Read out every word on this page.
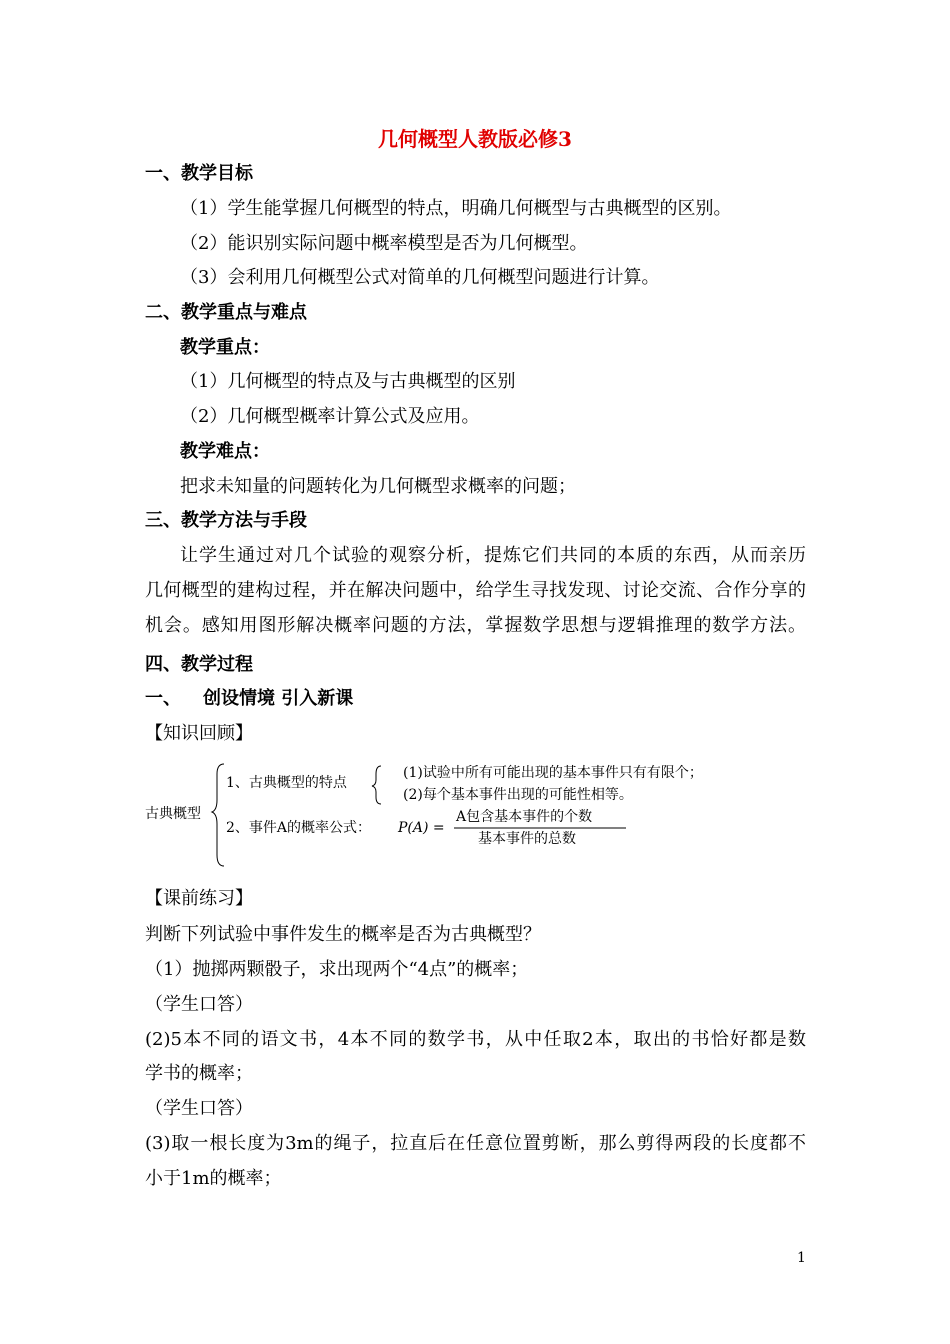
几何概型人教版必修3
一、教学目标
（1）学生能掌握几何概型的特点，明确几何概型与古典概型的区别。
（2）能识别实际问题中概率模型是否为几何概型。
（3）会利用几何概型公式对简单的几何概型问题进行计算。
二、教学重点与难点
教学重点：
（1）几何概型的特点及与古典概型的区别
（2）几何概型概率计算公式及应用。
教学难点：
把求未知量的问题转化为几何概型求概率的问题；
三、教学方法与手段
让学生通过对几个试验的观察分析，提炼它们共同的本质的东西，从而亲历
几何概型的建构过程，并在解决问题中，给学生寻找发现、讨论交流、合作分享的
机会。感知用图形解决概率问题的方法，掌握数学思想与逻辑推理的数学方法。
四、教学过程
一、 创设情境 引入新课
【知识回顾】
古典概型
1、古典概型的特点
(1)试验中所有可能出现的基本事件只有有限个；
(2)每个基本事件出现的可能性相等。
2、事件A的概率公式： P(A) =
A包含基本事件的个数
基本事件的总数
【课前练习】
判断下列试验中事件发生的概率是否为古典概型？
（1）抛掷两颗骰子，求出现两个“4点”的概率；
（学生口答）
(2)5本不同的语文书，4本不同的数学书，从中任取2本，取出的书恰好都是数
学书的概率；
（学生口答）
(3)取一根长度为3m的绳子，拉直后在任意位置剪断，那么剪得两段的长度都不
小于1m的概率；
1
